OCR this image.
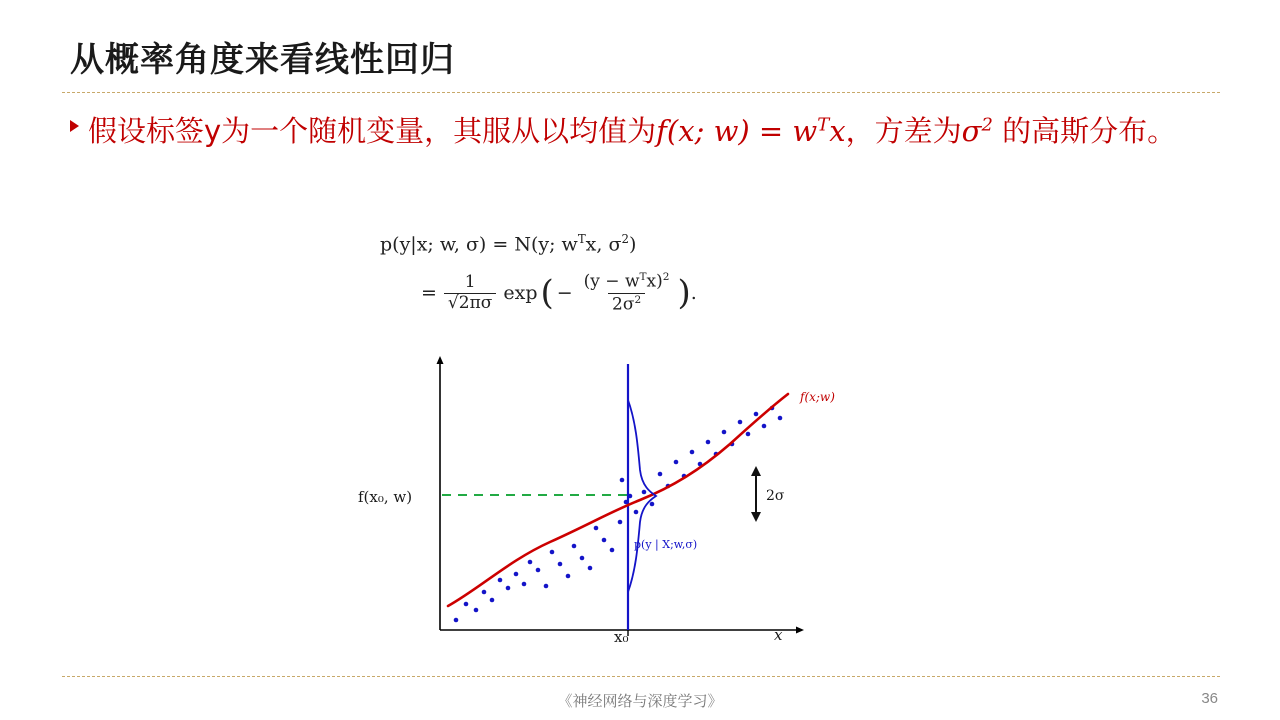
从概率角度来看线性回归
假设标签y为一个随机变量，其服从以均值为f(x; $w) = w^Tx$，方差为$\sigma^2$ 的高斯分布。
p(y|x; w, σ) = N(y; $w^Tx$, $\sigma^2$)
= $\frac{1}{√2\pi\sigma}$ exp ( − $\frac{(y - w^Tx)^2}{2\sigma^2}$ ) .
f(x₀, w)
x₀	x
f(x;w)
p(y | X;w,σ)
2σ
《神经网络与深度学习》	36
